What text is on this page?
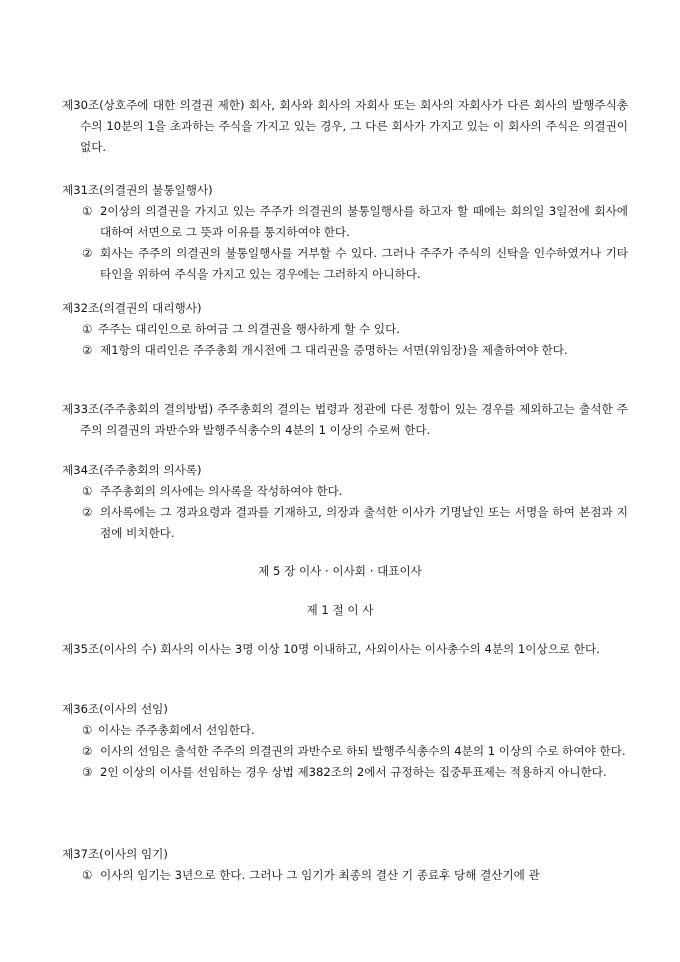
제30조(상호주에 대한 의결권 제한) 회사, 회사와 회사의 자회사 또는 회사의 자회사가 다른 회사의 발행주식총수의 10분의 1을 초과하는 주식을 가지고 있는 경우, 그 다른 회사가 가지고 있는 이 회사의 주식은 의결권이 없다.
제31조(의결권의 불통일행사)
① 2이상의 의결권을 가지고 있는 주주가 의결권의 불통일행사를 하고자 할 때에는 회의일 3일전에 회사에 대하여 서면으로 그 뜻과 이유를 통지하여야 한다.
② 회사는 주주의 의결권의 불통일행사를 거부할 수 있다. 그러나 주주가 주식의 신탁을 인수하였거나 기타 타인을 위하여 주식을 가지고 있는 경우에는 그러하지 아니하다.
제32조(의결권의 대리행사)
① 주주는 대리인으로 하여금 그 의결권을 행사하게 할 수 있다.
② 제1항의 대리인은 주주총회 개시전에 그 대리권을 증명하는 서면(위임장)을 제출하여야 한다.
제33조(주주총회의 결의방법) 주주총회의 결의는 법령과 정관에 다른 정함이 있는 경우를 제외하고는 출석한 주주의 의결권의 과반수와 발행주식총수의 4분의 1 이상의 수로써 한다.
제34조(주주총회의 의사록)
① 주주총회의 의사에는 의사록을 작성하여야 한다.
② 의사록에는 그 경과요령과 결과를 기재하고, 의장과 출석한 이사가 기명날인 또는 서명을 하여 본점과 지점에 비치한다.
제 5 장 이사 · 이사회 · 대표이사
제 1 절 이 사
제35조(이사의 수) 회사의 이사는 3명 이상 10명 이내하고, 사외이사는 이사총수의 4분의 1이상으로 한다.
제36조(이사의 선임)
① 이사는 주주총회에서 선임한다.
② 이사의 선임은 출석한 주주의 의결권의 과반수로 하되 발행주식총수의 4분의 1 이상의 수로 하여야 한다.
③ 2인 이상의 이사를 선임하는 경우 상법 제382조의 2에서 규정하는 집중투표제는 적용하지 아니한다.
제37조(이사의 임기)
① 이사의 임기는 3년으로 한다. 그러나 그 임기가 최종의 결산 기 종료후 당해 결산기에 관
